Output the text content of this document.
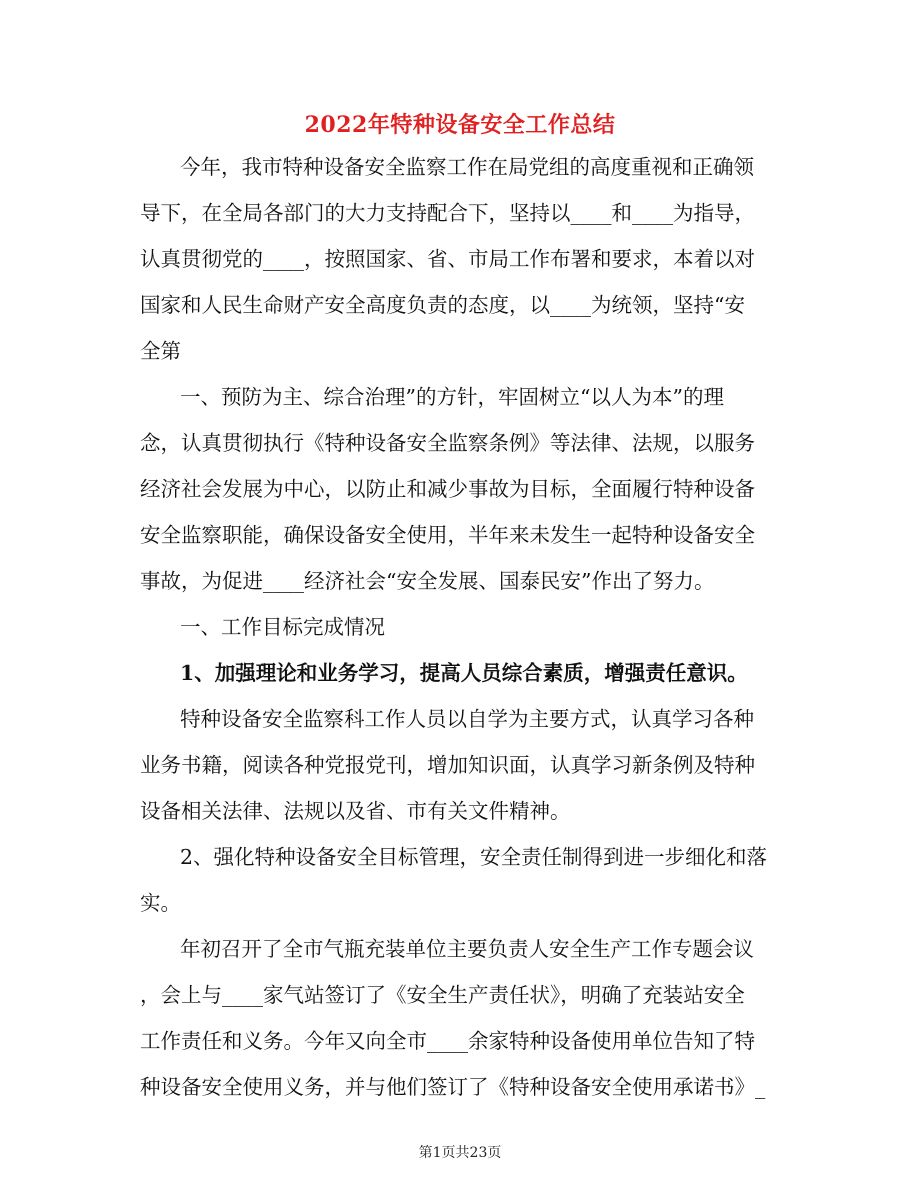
2022年特种设备安全工作总结
今年，我市特种设备安全监察工作在局党组的高度重视和正确领
导下，在全局各部门的大力支持配合下，坚持以____和____为指导，
认真贯彻党的____，按照国家、省、市局工作布署和要求，本着以对
国家和人民生命财产安全高度负责的态度，以____为统领，坚持“安
全第
一、预防为主、综合治理”的方针，牢固树立“以人为本”的理
念，认真贯彻执行《特种设备安全监察条例》等法律、法规，以服务
经济社会发展为中心，以防止和减少事故为目标，全面履行特种设备
安全监察职能，确保设备安全使用，半年来未发生一起特种设备安全
事故，为促进____经济社会“安全发展、国泰民安”作出了努力。
一、工作目标完成情况
1、加强理论和业务学习，提高人员综合素质，增强责任意识。
特种设备安全监察科工作人员以自学为主要方式，认真学习各种
业务书籍，阅读各种党报党刊，增加知识面，认真学习新条例及特种
设备相关法律、法规以及省、市有关文件精神。
2、强化特种设备安全目标管理，安全责任制得到进一步细化和落
实。
年初召开了全市气瓶充装单位主要负责人安全生产工作专题会议
，会上与____家气站签订了《安全生产责任状》，明确了充装站安全
工作责任和义务。今年又向全市____余家特种设备使用单位告知了特
种设备安全使用义务，并与他们签订了《特种设备安全使用承诺书》_
第1页共23页
